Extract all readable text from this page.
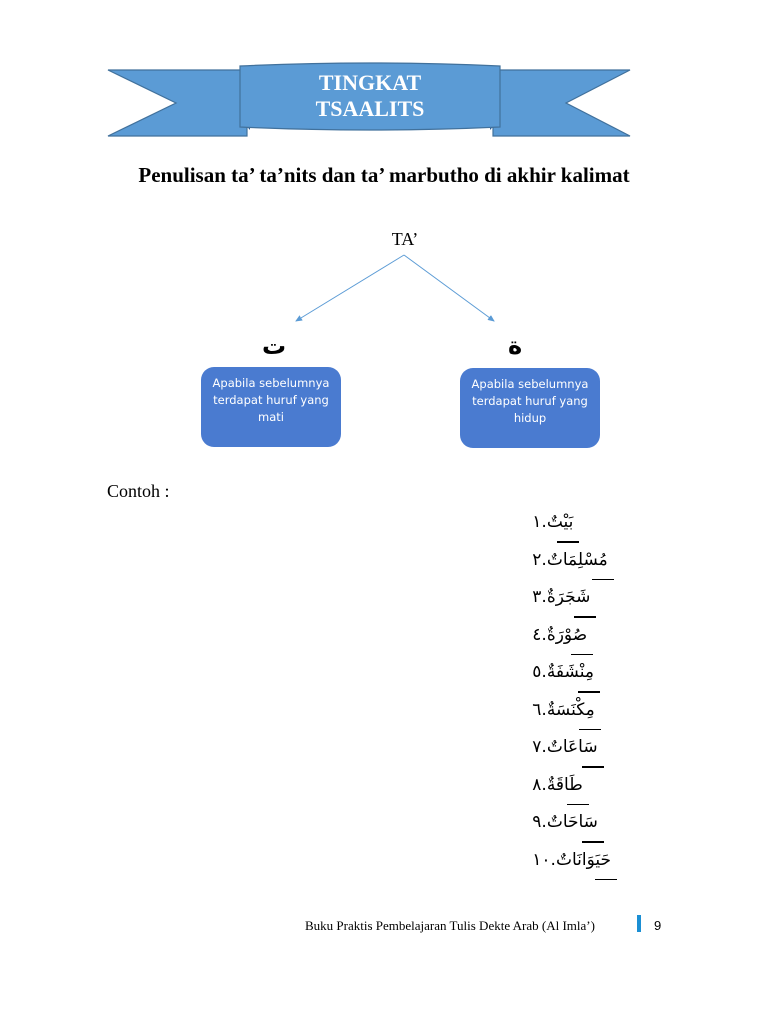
TINGKAT
TSAALITS
Penulisan ta’ ta’nits dan ta’ marbutho di akhir kalimat
TA’
ت	ة
Apabila sebelumnya terdapat huruf yang mati
Apabila sebelumnya terdapat huruf yang hidup
Contoh :
١. بَيْتٌ
٢. مُسْلِمَاتٌ
٣. شَجَرَةٌ
٤. صُوْرَةٌ
٥. مِنْشَفَةٌ
٦. مِكْنَسَةٌ
٧. سَاعَاتٌ
٨. طَاقَةٌ
٩. سَاحَاتٌ
١٠. حَيَوَانَاتٌ
Buku Praktis Pembelajaran Tulis Dekte Arab (Al Imla’)	9
